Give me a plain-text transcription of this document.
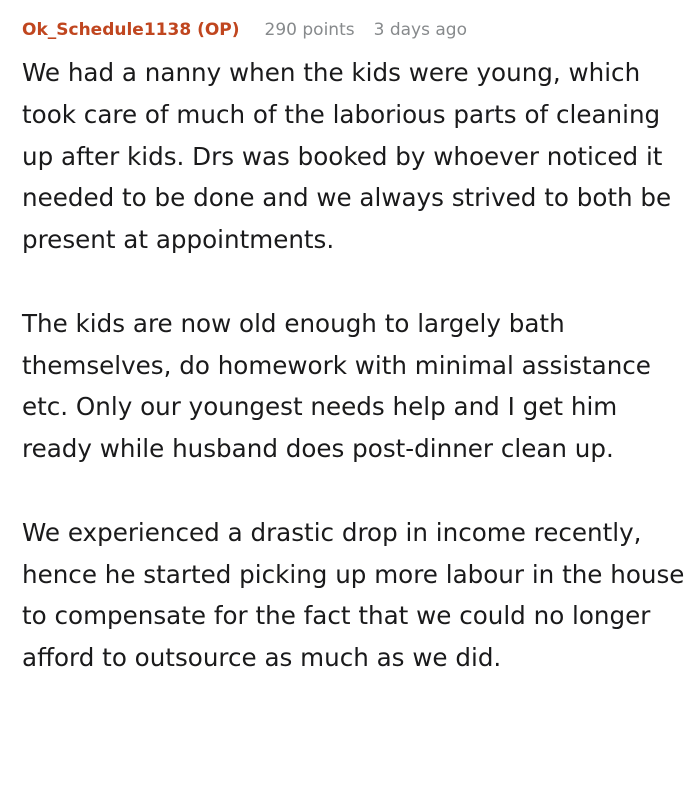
Ok_Schedule1138 (OP) 290 points 3 days ago

We had a nanny when the kids were young, which took care of much of the laborious parts of cleaning up after kids. Drs was booked by whoever noticed it needed to be done and we always strived to both be present at appointments.

The kids are now old enough to largely bath themselves, do homework with minimal assistance etc. Only our youngest needs help and I get him ready while husband does post-dinner clean up.

We experienced a drastic drop in income recently, hence he started picking up more labour in the house to compensate for the fact that we could no longer afford to outsource as much as we did.
